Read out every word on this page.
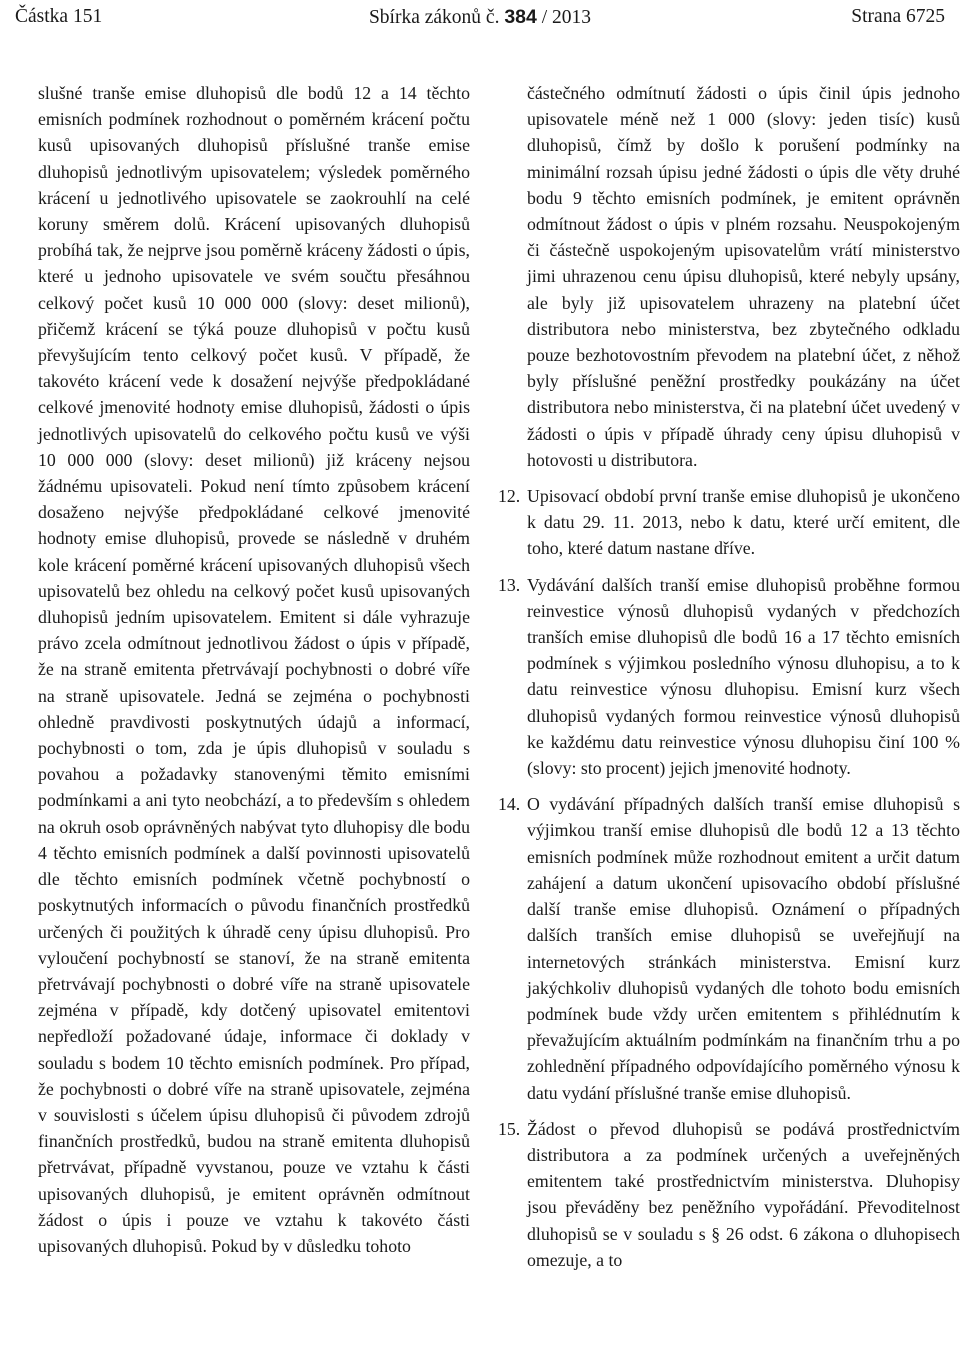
Částka 151	Sbírka zákonů č. 384 / 2013	Strana 6725

slušné tranše emise dluhopisů dle bodů 12 a 14 těchto emisních podmínek rozhodnout o poměrném krácení počtu kusů upisovaných dluhopisů příslušné tranše emise dluhopisů jednotlivým upisovatelem; výsledek poměrného krácení u jednotlivého upisovatele se zaokrouhlí na celé koruny směrem dolů. Krácení upisovaných dluhopisů probíhá tak, že nejprve jsou poměrně kráceny žádosti o úpis, které u jednoho upisovatele ve svém součtu přesáhnou celkový počet kusů 10 000 000 (slovy: deset milionů), přičemž krácení se týká pouze dluhopisů v počtu kusů převyšujícím tento celkový počet kusů. V případě, že takovéto krácení vede k dosažení nejvýše předpokládané celkové jmenovité hodnoty emise dluhopisů, žádosti o úpis jednotlivých upisovatelů do celkového počtu kusů ve výši 10 000 000 (slovy: deset milionů) již kráceny nejsou žádnému upisovateli. Pokud není tímto způsobem krácení dosaženo nejvýše předpokládané celkové jmenovité hodnoty emise dluhopisů, provede se následně v druhém kole krácení poměrné krácení upisovaných dluhopisů všech upisovatelů bez ohledu na celkový počet kusů upisovaných dluhopisů jedním upisovatelem. Emitent si dále vyhrazuje právo zcela odmítnout jednotlivou žádost o úpis v případě, že na straně emitenta přetrvávají pochybnosti o dobré víře na straně upisovatele. Jedná se zejména o pochybnosti ohledně pravdivosti poskytnutých údajů a informací, pochybnosti o tom, zda je úpis dluhopisů v souladu s povahou a požadavky stanovenými těmito emisními podmínkami a ani tyto neobchází, a to především s ohledem na okruh osob oprávněných nabývat tyto dluhopisy dle bodu 4 těchto emisních podmínek a další povinnosti upisovatelů dle těchto emisních podmínek včetně pochybností o poskytnutých informacích o původu finančních prostředků určených či použitých k úhradě ceny úpisu dluhopisů. Pro vyloučení pochybností se stanoví, že na straně emitenta přetrvávají pochybnosti o dobré víře na straně upisovatele zejména v případě, kdy dotčený upisovatel emitentovi nepředloží požadované údaje, informace či doklady v souladu s bodem 10 těchto emisních podmínek. Pro případ, že pochybnosti o dobré víře na straně upisovatele, zejména v souvislosti s účelem úpisu dluhopisů či původem zdrojů finančních prostředků, budou na straně emitenta dluhopisů přetrvávat, případně vyvstanou, pouze ve vztahu k části upisovaných dluhopisů, je emitent oprávněn odmítnout žádost o úpis i pouze ve vztahu k takovéto části upisovaných dluhopisů. Pokud by v důsledku tohoto

částečného odmítnutí žádosti o úpis činil úpis jednoho upisovatele méně než 1 000 (slovy: jeden tisíc) kusů dluhopisů, čímž by došlo k porušení podmínky na minimální rozsah úpisu jedné žádosti o úpis dle věty druhé bodu 9 těchto emisních podmínek, je emitent oprávněn odmítnout žádost o úpis v plném rozsahu. Neuspokojeným či částečně uspokojeným upisovatelům vrátí ministerstvo jimi uhrazenou cenu úpisu dluhopisů, které nebyly upsány, ale byly již upisovatelem uhrazeny na platební účet distributora nebo ministerstva, bez zbytečného odkladu pouze bezhotovostním převodem na platební účet, z něhož byly příslušné peněžní prostředky poukázány na účet distributora nebo ministerstva, či na platební účet uvedený v žádosti o úpis v případě úhrady ceny úpisu dluhopisů v hotovosti u distributora.

12. Upisovací období první tranše emise dluhopisů je ukončeno k datu 29. 11. 2013, nebo k datu, které určí emitent, dle toho, které datum nastane dříve.

13. Vydávání dalších tranší emise dluhopisů proběhne formou reinvestice výnosů dluhopisů vydaných v předchozích tranších emise dluhopisů dle bodů 16 a 17 těchto emisních podmínek s výjimkou posledního výnosu dluhopisu, a to k datu reinvestice výnosu dluhopisu. Emisní kurz všech dluhopisů vydaných formou reinvestice výnosů dluhopisů ke každému datu reinvestice výnosu dluhopisu činí 100 % (slovy: sto procent) jejich jmenovité hodnoty.

14. O vydávání případných dalších tranší emise dluhopisů s výjimkou tranší emise dluhopisů dle bodů 12 a 13 těchto emisních podmínek může rozhodnout emitent a určit datum zahájení a datum ukončení upisovacího období příslušné další tranše emise dluhopisů. Oznámení o případných dalších tranších emise dluhopisů se uveřejňují na internetových stránkách ministerstva. Emisní kurz jakýchkoliv dluhopisů vydaných dle tohoto bodu emisních podmínek bude vždy určen emitentem s přihlédnutím k převažujícím aktuálním podmínkám na finančním trhu a po zohlednění případného odpovídajícího poměrného výnosu k datu vydání příslušné tranše emise dluhopisů.

15. Žádost o převod dluhopisů se podává prostřednictvím distributora a za podmínek určených a uveřejněných emitentem také prostřednictvím ministerstva. Dluhopisy jsou převáděny bez peněžního vypořádání. Převoditelnost dluhopisů se v souladu s § 26 odst. 6 zákona o dluhopisech omezuje, a to
